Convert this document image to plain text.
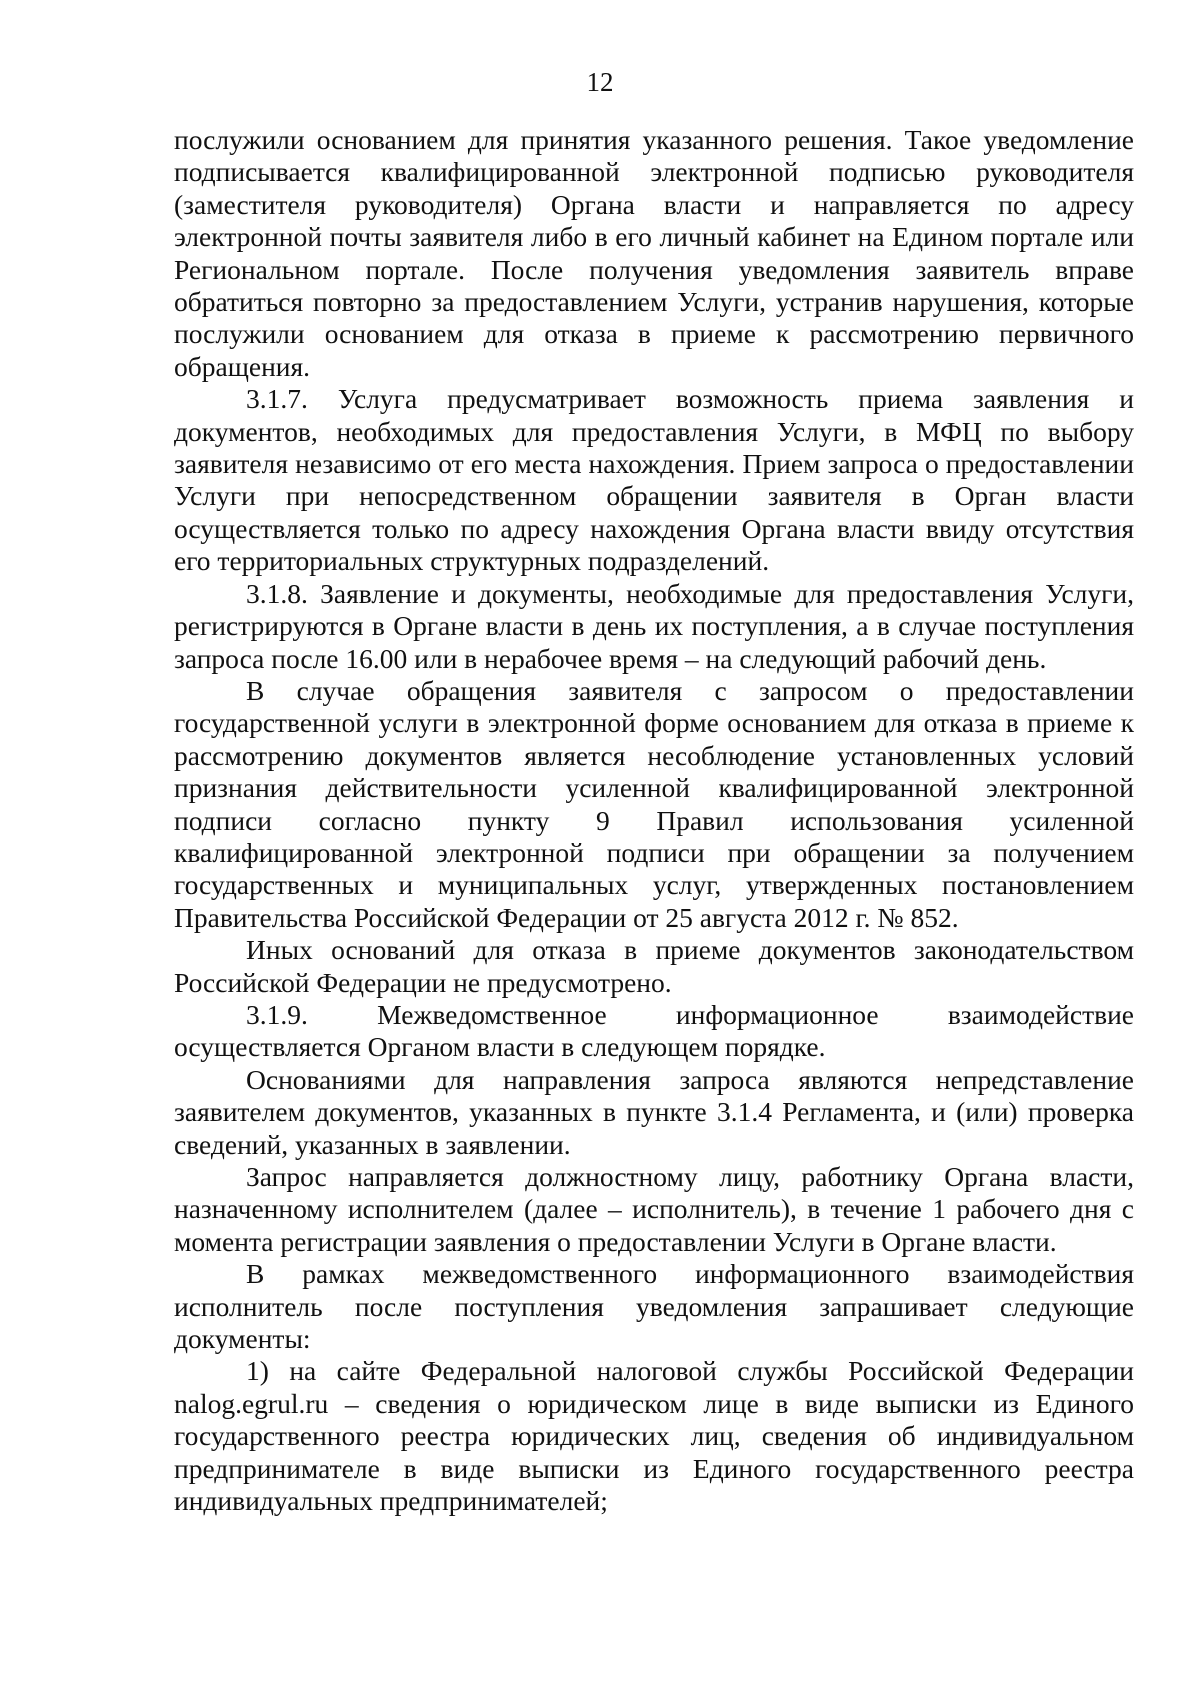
12

послужили основанием для принятия указанного решения. Такое уведомление подписывается квалифицированной электронной подписью руководителя (заместителя руководителя) Органа власти и направляется по адресу электронной почты заявителя либо в его личный кабинет на Едином портале или Региональном портале. После получения уведомления заявитель вправе обратиться повторно за предоставлением Услуги, устранив нарушения, которые послужили основанием для отказа в приеме к рассмотрению первичного обращения.

3.1.7. Услуга предусматривает возможность приема заявления и документов, необходимых для предоставления Услуги, в МФЦ по выбору заявителя независимо от его места нахождения. Прием запроса о предоставлении Услуги при непосредственном обращении заявителя в Орган власти осуществляется только по адресу нахождения Органа власти ввиду отсутствия его территориальных структурных подразделений.

3.1.8. Заявление и документы, необходимые для предоставления Услуги, регистрируются в Органе власти в день их поступления, а в случае поступления запроса после 16.00 или в нерабочее время – на следующий рабочий день.

В случае обращения заявителя с запросом о предоставлении государственной услуги в электронной форме основанием для отказа в приеме к рассмотрению документов является несоблюдение установленных условий признания действительности усиленной квалифицированной электронной подписи согласно пункту 9 Правил использования усиленной квалифицированной электронной подписи при обращении за получением государственных и муниципальных услуг, утвержденных постановлением Правительства Российской Федерации от 25 августа 2012 г. № 852.

Иных оснований для отказа в приеме документов законодательством Российской Федерации не предусмотрено.

3.1.9. Межведомственное информационное взаимодействие осуществляется Органом власти в следующем порядке.

Основаниями для направления запроса являются непредставление заявителем документов, указанных в пункте 3.1.4 Регламента, и (или) проверка сведений, указанных в заявлении.

Запрос направляется должностному лицу, работнику Органа власти, назначенному исполнителем (далее – исполнитель), в течение 1 рабочего дня с момента регистрации заявления о предоставлении Услуги в Органе власти.

В рамках межведомственного информационного взаимодействия исполнитель после поступления уведомления запрашивает следующие документы:

1) на сайте Федеральной налоговой службы Российской Федерации nalog.egrul.ru – сведения о юридическом лице в виде выписки из Единого государственного реестра юридических лиц, сведения об индивидуальном предпринимателе в виде выписки из Единого государственного реестра индивидуальных предпринимателей;
